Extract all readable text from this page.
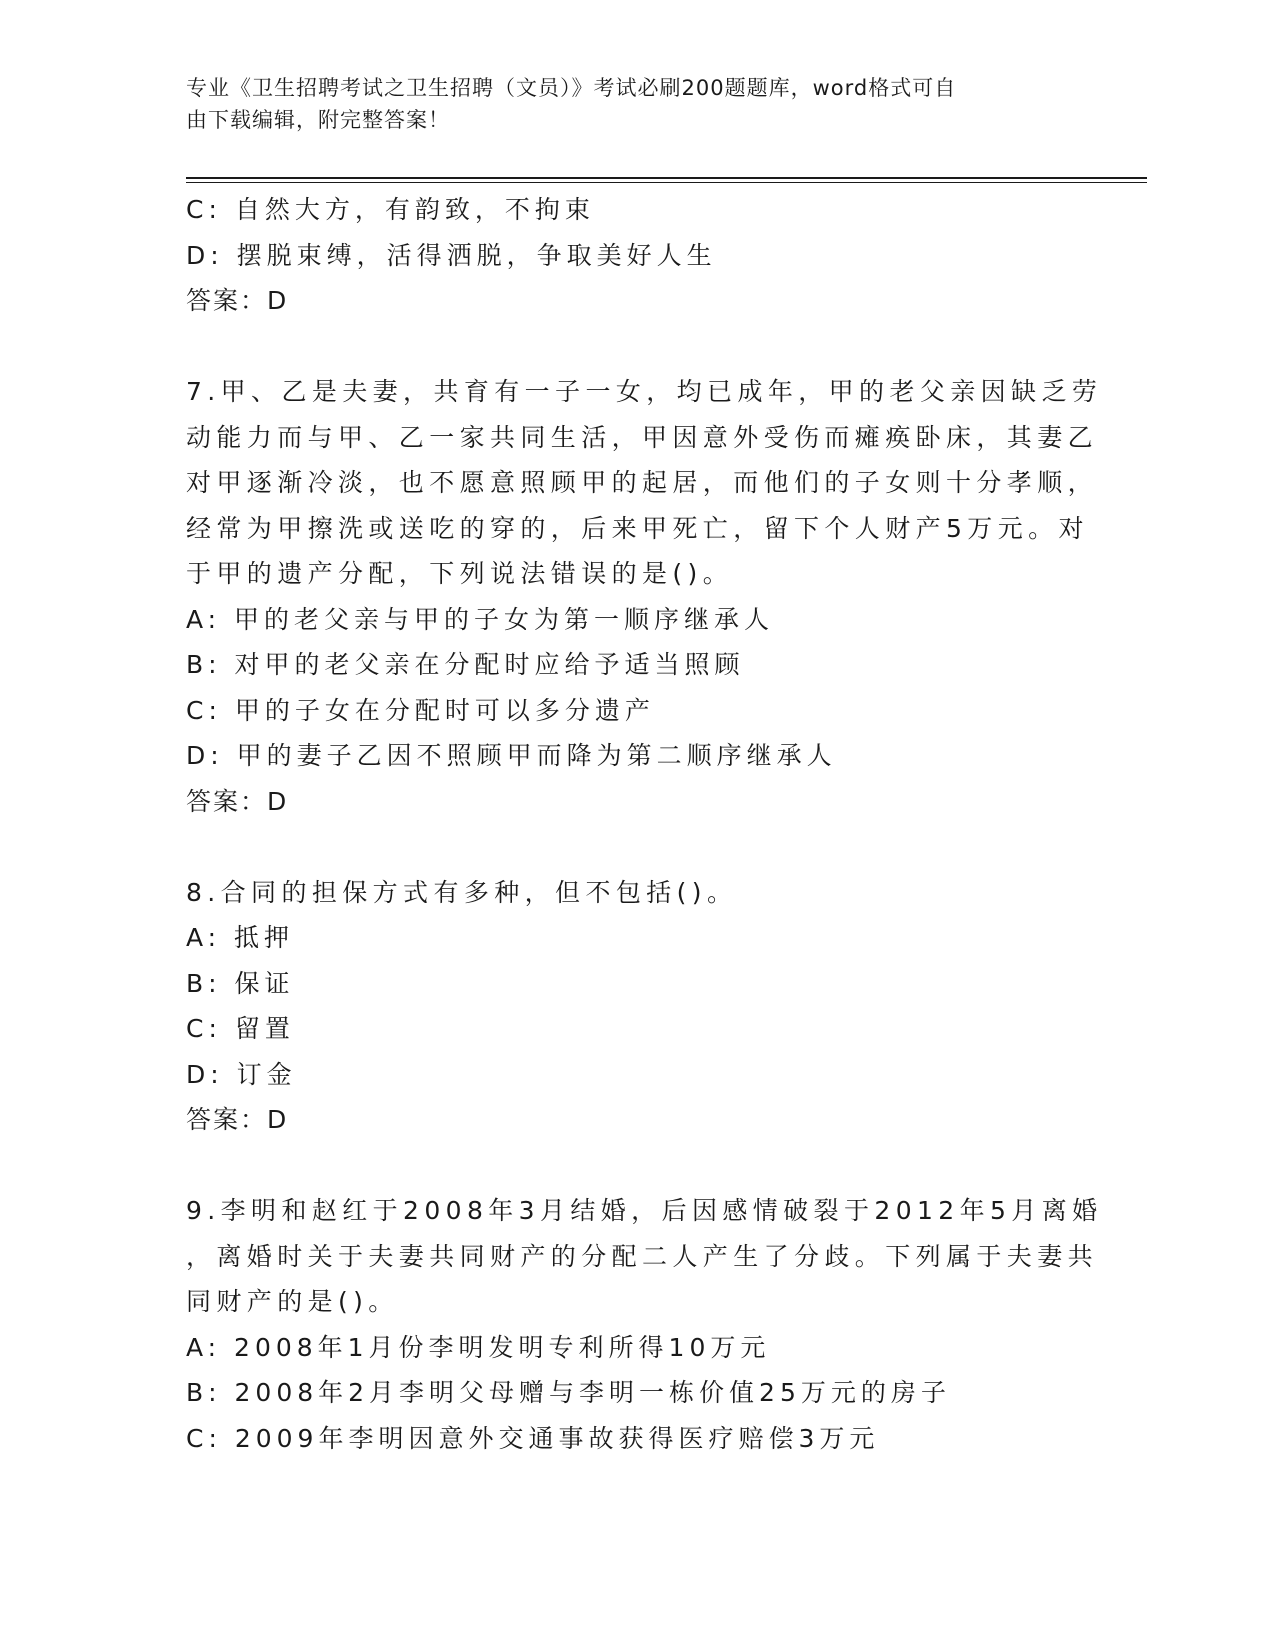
专业《卫生招聘考试之卫生招聘（文员）》考试必刷200题题库，word格式可自
由下载编辑，附完整答案！
C: 自然大方，有韵致，不拘束
D: 摆脱束缚，活得洒脱，争取美好人生
答案：D
7.甲、乙是夫妻，共育有一子一女，均已成年，甲的老父亲因缺乏劳
动能力而与甲、乙一家共同生活，甲因意外受伤而瘫痪卧床，其妻乙
对甲逐渐冷淡，也不愿意照顾甲的起居，而他们的子女则十分孝顺，
经常为甲擦洗或送吃的穿的，后来甲死亡，留下个人财产5万元。对
于甲的遗产分配，下列说法错误的是()。
A: 甲的老父亲与甲的子女为第一顺序继承人
B: 对甲的老父亲在分配时应给予适当照顾
C: 甲的子女在分配时可以多分遗产
D: 甲的妻子乙因不照顾甲而降为第二顺序继承人
答案：D
8.合同的担保方式有多种，但不包括()。
A: 抵押
B: 保证
C: 留置
D: 订金
答案：D
9.李明和赵红于2008年3月结婚，后因感情破裂于2012年5月离婚
，离婚时关于夫妻共同财产的分配二人产生了分歧。下列属于夫妻共
同财产的是()。
A: 2008年1月份李明发明专利所得10万元
B: 2008年2月李明父母赠与李明一栋价值25万元的房子
C: 2009年李明因意外交通事故获得医疗赔偿3万元
